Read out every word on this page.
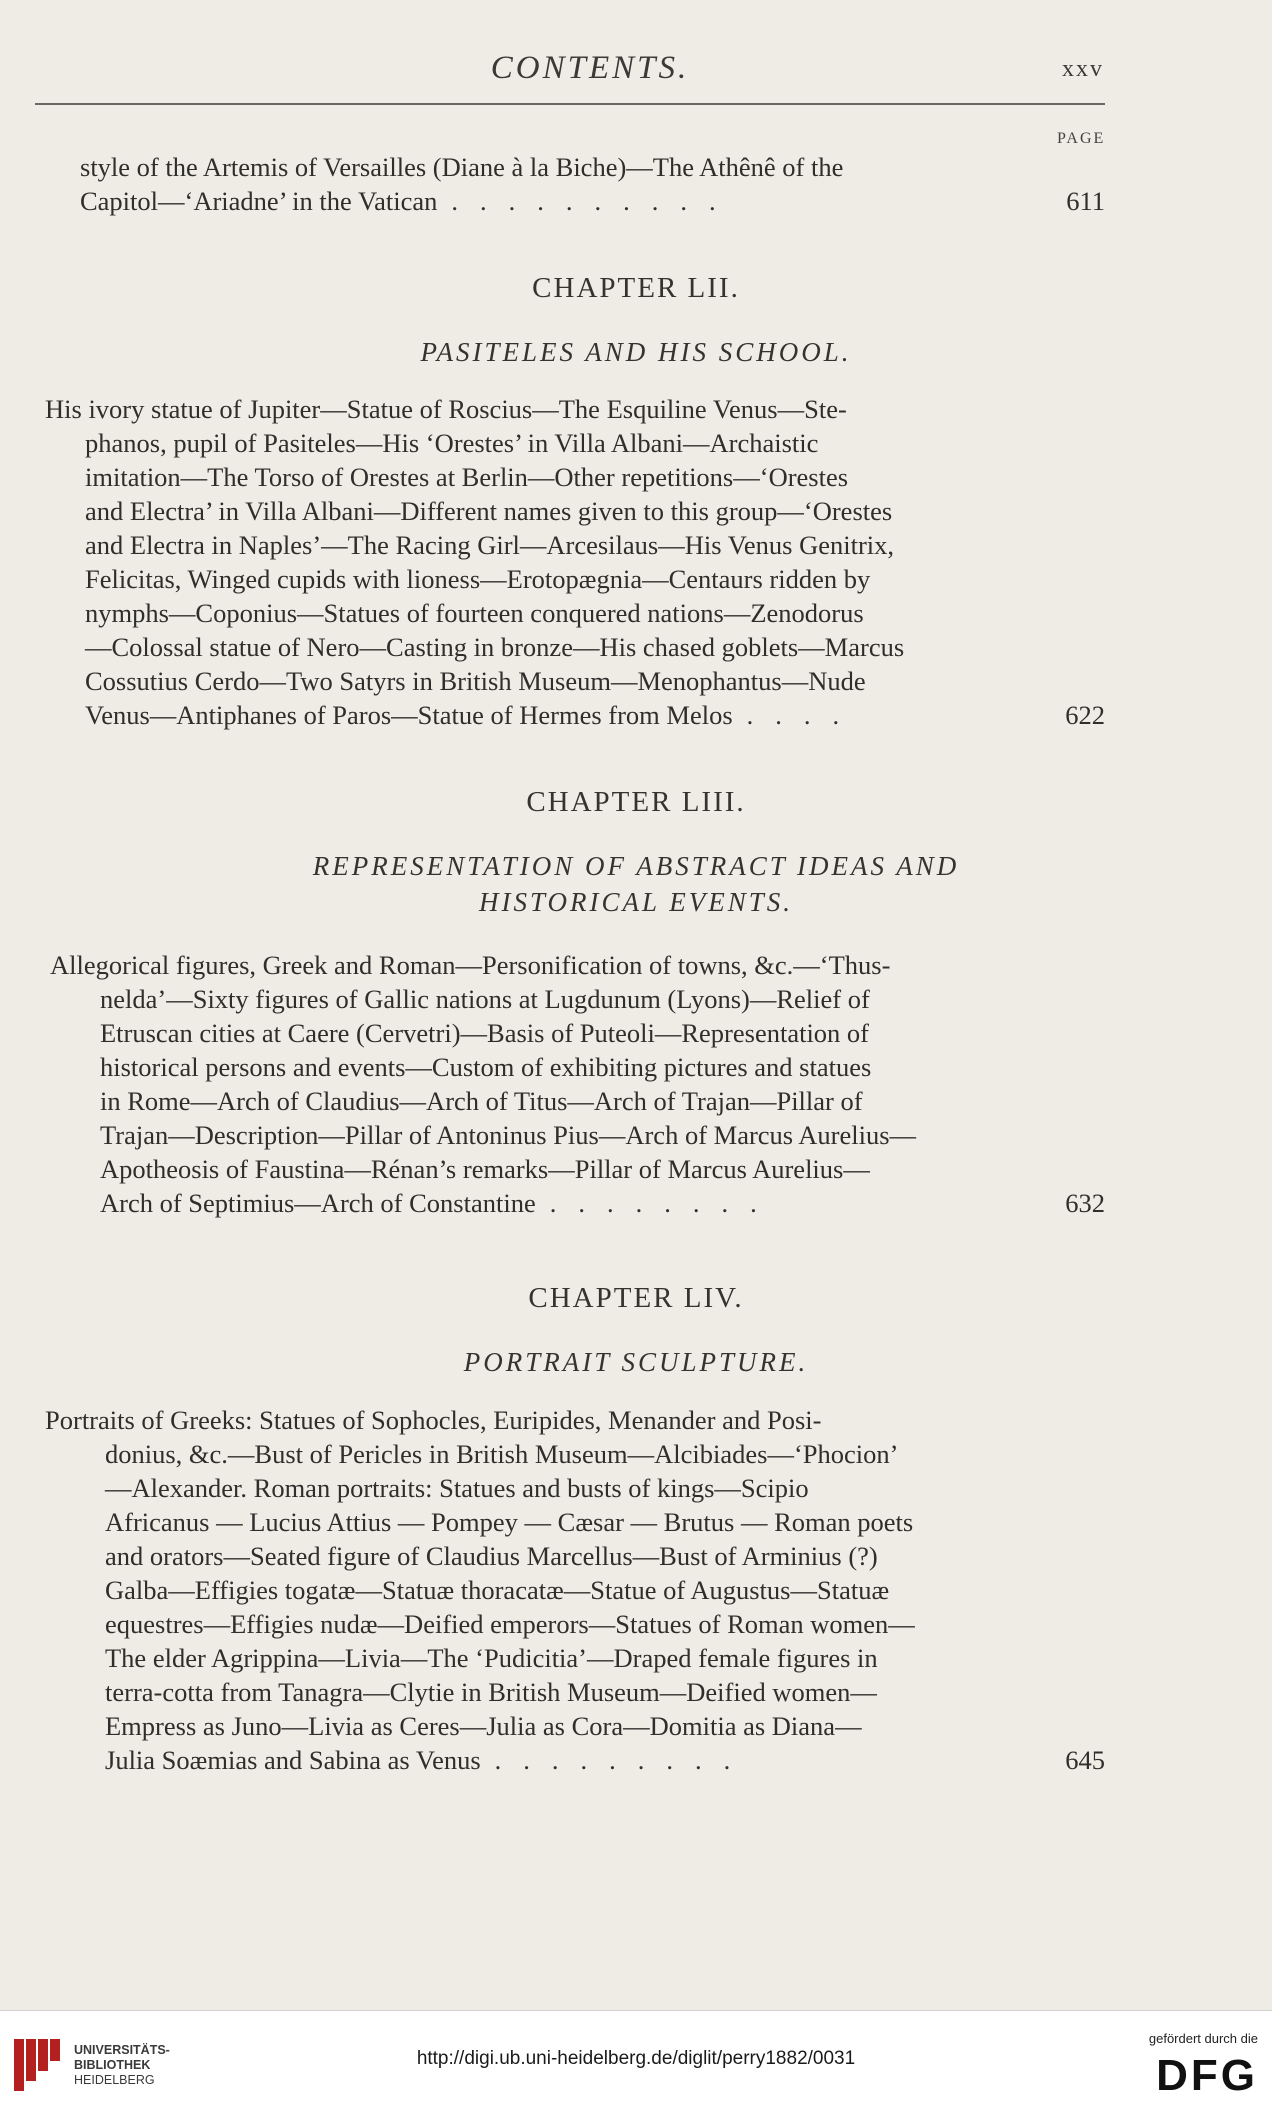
CONTENTS.	xxv
PAGE
style of the Artemis of Versailles (Diane à la Biche)—The Athênê of the
Capitol—‘Ariadne’ in the Vatican ..........	611
CHAPTER LII.
PASITELES AND HIS SCHOOL.
His ivory statue of Jupiter—Statue of Roscius—The Esquiline Venus—Ste-
phanos, pupil of Pasiteles—His ‘Orestes’ in Villa Albani—Archaistic
imitation—The Torso of Orestes at Berlin—Other repetitions—‘Orestes
and Electra’ in Villa Albani—Different names given to this group—‘Orestes
and Electra in Naples’—The Racing Girl—Arcesilaus—His Venus Genitrix,
Felicitas, Winged cupids with lioness—Erotopægnia—Centaurs ridden by
nymphs—Coponius—Statues of fourteen conquered nations—Zenodorus
—Colossal statue of Nero—Casting in bronze—His chased goblets—Marcus
Cossutius Cerdo—Two Satyrs in British Museum—Menophantus—Nude
Venus—Antiphanes of Paros—Statue of Hermes from Melos ....	622
CHAPTER LIII.
REPRESENTATION OF ABSTRACT IDEAS AND
HISTORICAL EVENTS.
Allegorical figures, Greek and Roman—Personification of towns, &c.—‘Thus-
nelda’—Sixty figures of Gallic nations at Lugdunum (Lyons)—Relief of
Etruscan cities at Caere (Cervetri)—Basis of Puteoli—Representation of
historical persons and events—Custom of exhibiting pictures and statues
in Rome—Arch of Claudius—Arch of Titus—Arch of Trajan—Pillar of
Trajan—Description—Pillar of Antoninus Pius—Arch of Marcus Aurelius—
Apotheosis of Faustina—Rénan’s remarks—Pillar of Marcus Aurelius—
Arch of Septimius—Arch of Constantine ........	632
CHAPTER LIV.
PORTRAIT SCULPTURE.
Portraits of Greeks: Statues of Sophocles, Euripides, Menander and Posi-
donius, &c.—Bust of Pericles in British Museum—Alcibiades—‘Phocion’
—Alexander. Roman portraits: Statues and busts of kings—Scipio
Africanus — Lucius Attius — Pompey — Cæsar — Brutus — Roman poets
and orators—Seated figure of Claudius Marcellus—Bust of Arminius (?)
Galba—Effigies togatæ—Statuæ thoracatæ—Statue of Augustus—Statuæ
equestres—Effigies nudæ—Deified emperors—Statues of Roman women—
The elder Agrippina—Livia—The ‘Pudicitia’—Draped female figures in
terra-cotta from Tanagra—Clytie in British Museum—Deified women—
Empress as Juno—Livia as Ceres—Julia as Cora—Domitia as Diana—
Julia Soæmias and Sabina as Venus .........	645
UNIVERSITÄTS-
BIBLIOTHEK
HEIDELBERG
http://digi.ub.uni-heidelberg.de/diglit/perry1882/0031
gefördert durch die
DFG
